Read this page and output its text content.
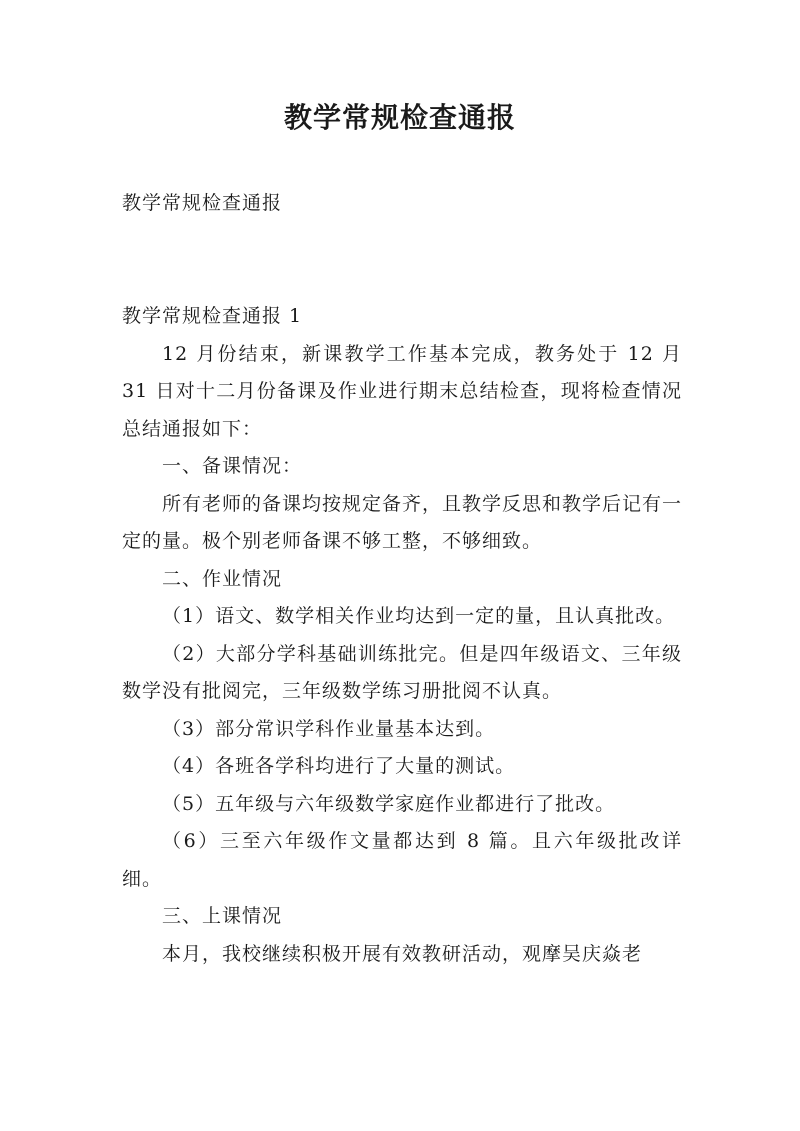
教学常规检查通报

教学常规检查通报

教学常规检查通报 1

12 月份结束，新课教学工作基本完成，教务处于 12 月 31 日对十二月份备课及作业进行期末总结检查，现将检查情况总结通报如下：

一、备课情况：

所有老师的备课均按规定备齐，且教学反思和教学后记有一定的量。极个别老师备课不够工整，不够细致。

二、作业情况

（1）语文、数学相关作业均达到一定的量，且认真批改。

（2）大部分学科基础训练批完。但是四年级语文、三年级数学没有批阅完，三年级数学练习册批阅不认真。

（3）部分常识学科作业量基本达到。

（4）各班各学科均进行了大量的测试。

（5）五年级与六年级数学家庭作业都进行了批改。

（6）三至六年级作文量都达到 8 篇。且六年级批改详细。

三、上课情况

本月，我校继续积极开展有效教研活动，观摩吴庆焱老
